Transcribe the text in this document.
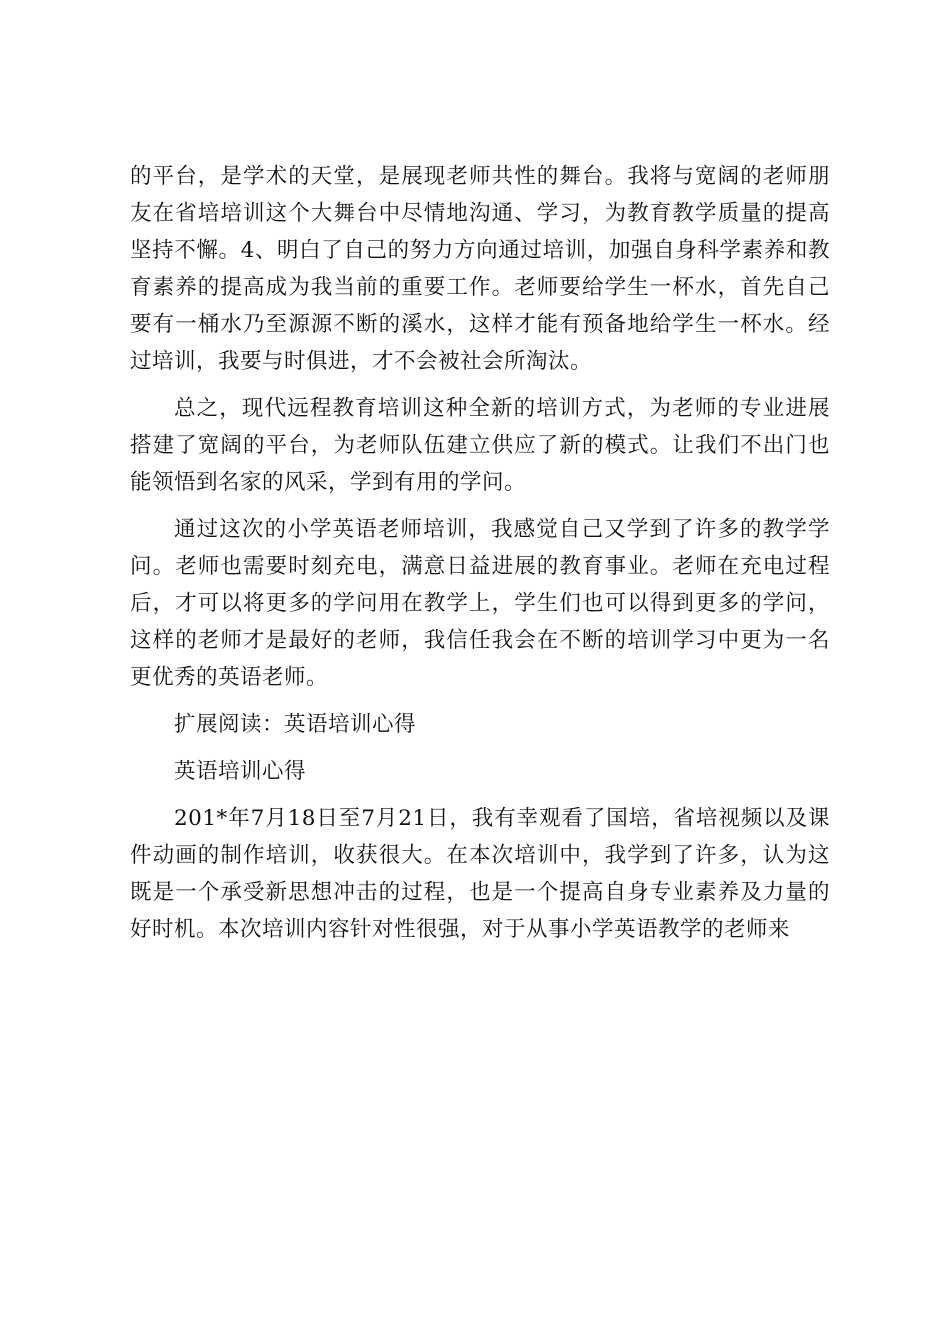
的平台，是学术的天堂，是展现老师共性的舞台。我将与宽阔的老师朋友在省培培训这个大舞台中尽情地沟通、学习，为教育教学质量的提高坚持不懈。4、明白了自己的努力方向通过培训，加强自身科学素养和教育素养的提高成为我当前的重要工作。老师要给学生一杯水，首先自己要有一桶水乃至源源不断的溪水，这样才能有预备地给学生一杯水。经过培训，我要与时俱进，才不会被社会所淘汰。

总之，现代远程教育培训这种全新的培训方式，为老师的专业进展搭建了宽阔的平台，为老师队伍建立供应了新的模式。让我们不出门也能领悟到名家的风采，学到有用的学问。

通过这次的小学英语老师培训，我感觉自己又学到了许多的教学学问。老师也需要时刻充电，满意日益进展的教育事业。老师在充电过程后，才可以将更多的学问用在教学上，学生们也可以得到更多的学问，这样的老师才是最好的老师，我信任我会在不断的培训学习中更为一名更优秀的英语老师。

扩展阅读：英语培训心得

英语培训心得

201*年7月18日至7月21日，我有幸观看了国培，省培视频以及课件动画的制作培训，收获很大。在本次培训中，我学到了许多，认为这既是一个承受新思想冲击的过程，也是一个提高自身专业素养及力量的好时机。本次培训内容针对性很强，对于从事小学英语教学的老师来
